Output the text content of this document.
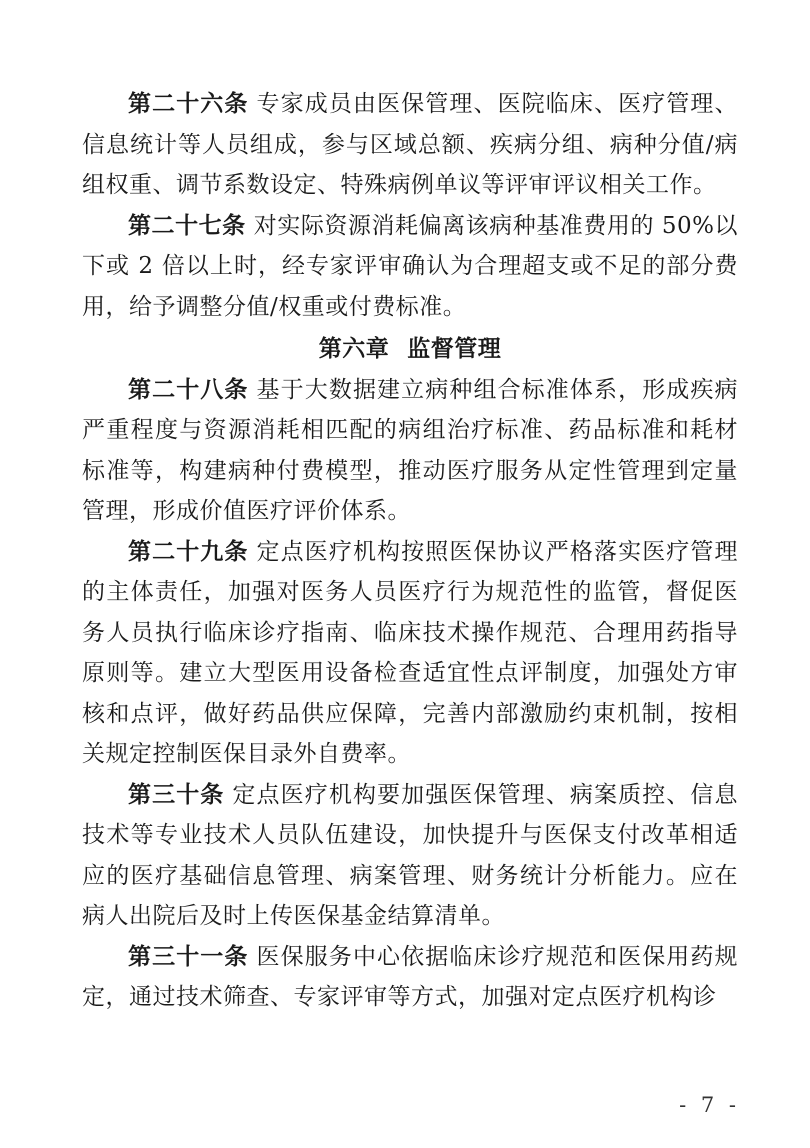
第二十六条 专家成员由医保管理、医院临床、医疗管理、信息统计等人员组成，参与区域总额、疾病分组、病种分值/病组权重、调节系数设定、特殊病例单议等评审评议相关工作。

第二十七条 对实际资源消耗偏离该病种基准费用的 50%以下或 2 倍以上时，经专家评审确认为合理超支或不足的部分费用，给予调整分值/权重或付费标准。

第六章 监督管理

第二十八条 基于大数据建立病种组合标准体系，形成疾病严重程度与资源消耗相匹配的病组治疗标准、药品标准和耗材标准等，构建病种付费模型，推动医疗服务从定性管理到定量管理，形成价值医疗评价体系。

第二十九条 定点医疗机构按照医保协议严格落实医疗管理的主体责任，加强对医务人员医疗行为规范性的监管，督促医务人员执行临床诊疗指南、临床技术操作规范、合理用药指导原则等。建立大型医用设备检查适宜性点评制度，加强处方审核和点评，做好药品供应保障，完善内部激励约束机制，按相关规定控制医保目录外自费率。

第三十条 定点医疗机构要加强医保管理、病案质控、信息技术等专业技术人员队伍建设，加快提升与医保支付改革相适应的医疗基础信息管理、病案管理、财务统计分析能力。应在病人出院后及时上传医保基金结算清单。

第三十一条 医保服务中心依据临床诊疗规范和医保用药规定，通过技术筛查、专家评审等方式，加强对定点医疗机构诊

- 7 -
